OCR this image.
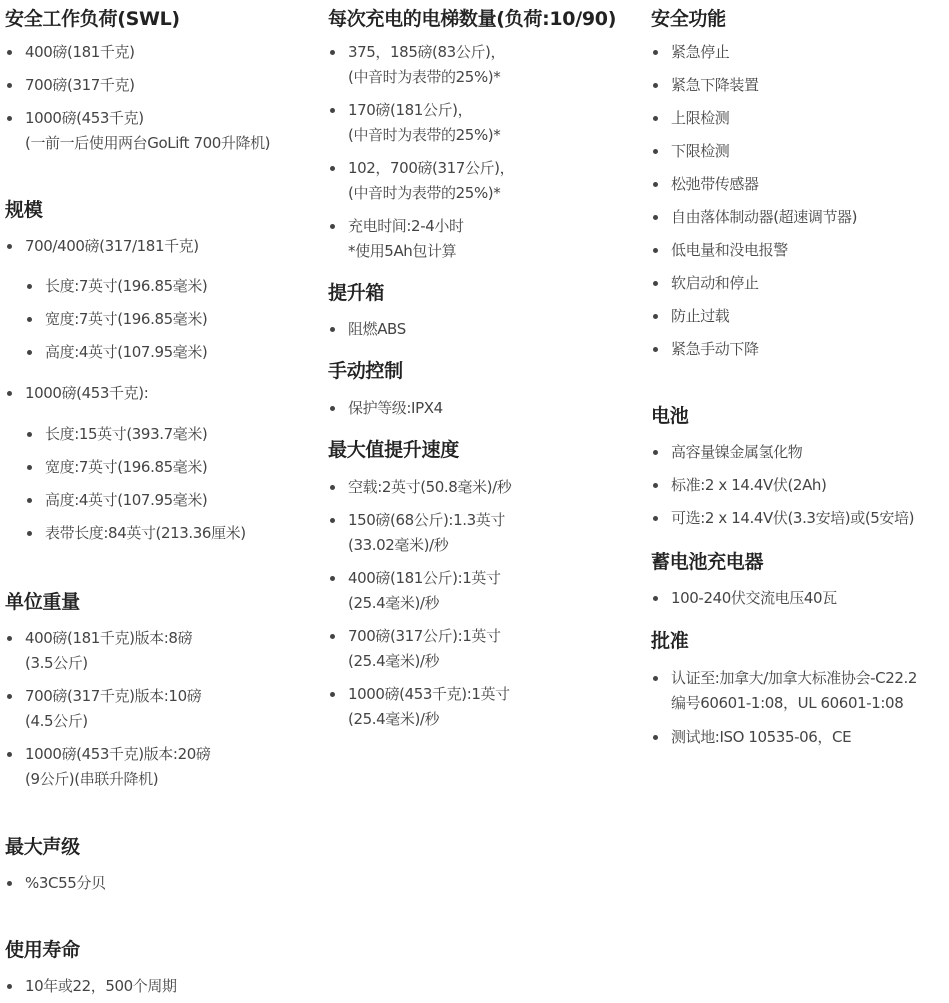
安全工作负荷(SWL)
400磅(181千克)
700磅(317千克)
1000磅(453千克)
(一前一后使用两台GoLift 700升降机)
规模
700/400磅(317/181千克)
长度:7英寸(196.85毫米)
宽度:7英寸(196.85毫米)
高度:4英寸(107.95毫米)
1000磅(453千克):
长度:15英寸(393.7毫米)
宽度:7英寸(196.85毫米)
高度:4英寸(107.95毫米)
表带长度:84英寸(213.36厘米)
单位重量
400磅(181千克)版本:8磅
(3.5公斤)
700磅(317千克)版本:10磅
(4.5公斤)
1000磅(453千克)版本:20磅
(9公斤)(串联升降机)
最大声级
%3C55分贝
使用寿命
10年或22，500个周期
每次充电的电梯数量(负荷:10/90)
375，185磅(83公斤)，
(中音时为表带的25%)*
170磅(181公斤)，
(中音时为表带的25%)*
102，700磅(317公斤)，
(中音时为表带的25%)*
充电时间:2-4小时
*使用5Ah包计算
提升箱
阻燃ABS
手动控制
保护等级:IPX4
最大值提升速度
空载:2英寸(50.8毫米)/秒
150磅(68公斤):1.3英寸
(33.02毫米)/秒
400磅(181公斤):1英寸
(25.4毫米)/秒
700磅(317公斤):1英寸
(25.4毫米)/秒
1000磅(453千克):1英寸
(25.4毫米)/秒
安全功能
紧急停止
紧急下降装置
上限检测
下限检测
松弛带传感器
自由落体制动器(超速调节器)
低电量和没电报警
软启动和停止
防止过载
紧急手动下降
电池
高容量镍金属氢化物
标准:2 x 14.4V伏(2Ah)
可选:2 x 14.4V伏(3.3安培)或(5安培)
蓄电池充电器
100-240伏交流电压40瓦
批准
认证至:加拿大/加拿大标准协会-C22.2
编号60601-1:08，UL 60601-1:08
测试地:ISO 10535-06，CE
